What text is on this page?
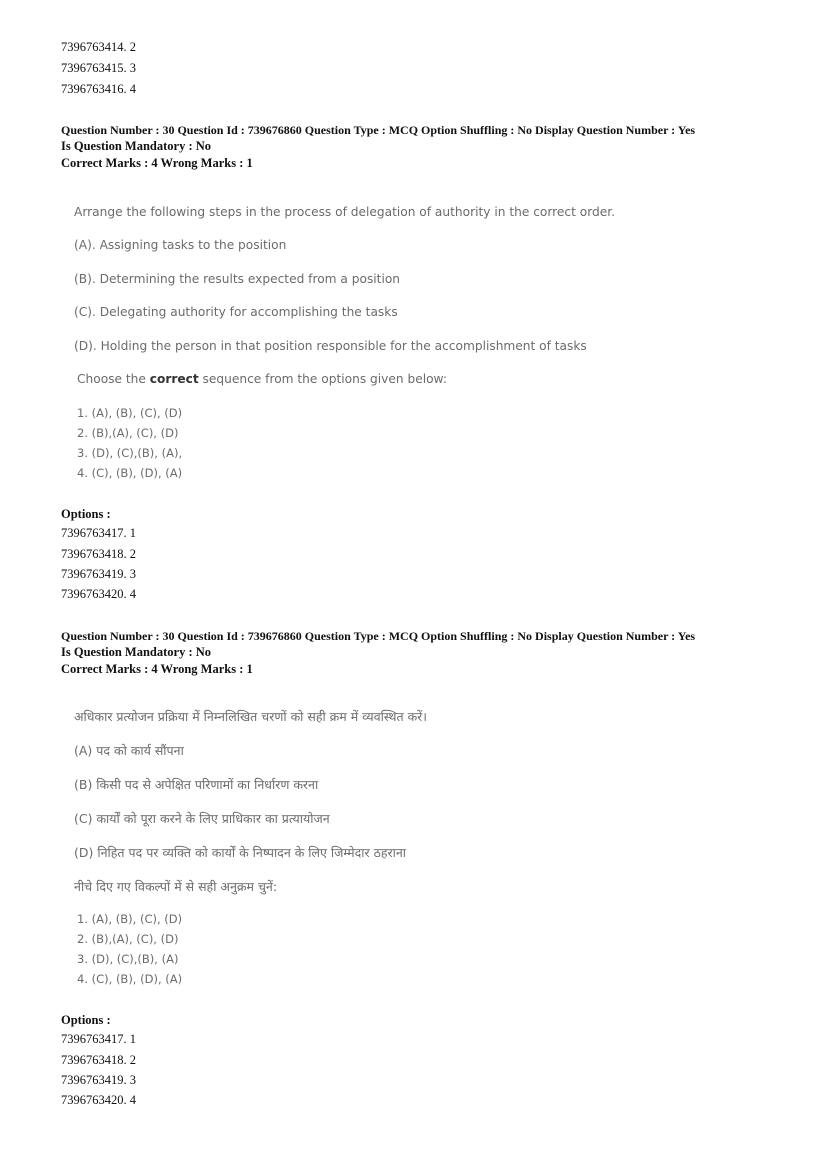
7396763414. 2
7396763415. 3
7396763416. 4
Question Number : 30 Question Id : 739676860 Question Type : MCQ Option Shuffling : No Display Question Number : Yes
Is Question Mandatory : No
Correct Marks : 4 Wrong Marks : 1
Arrange the following steps in the process of delegation of authority in the correct order.
(A). Assigning tasks to the position
(B). Determining the results expected from a position
(C). Delegating authority for accomplishing the tasks
(D). Holding the person in that position responsible for the accomplishment of tasks
Choose the correct sequence from the options given below:
1. (A), (B), (C), (D)
2. (B),(A), (C), (D)
3. (D), (C),(B), (A),
4. (C), (B), (D), (A)
Options :
7396763417. 1
7396763418. 2
7396763419. 3
7396763420. 4
Question Number : 30 Question Id : 739676860 Question Type : MCQ Option Shuffling : No Display Question Number : Yes
Is Question Mandatory : No
Correct Marks : 4 Wrong Marks : 1
अधिकार प्रत्योजन प्रक्रिया में निम्नलिखित चरणों को सही क्रम में व्यवस्थित करें।
(A) पद को कार्य सौंपना
(B) किसी पद से अपेक्षित परिणामों का निर्धारण करना
(C) कार्यों को पूरा करने के लिए प्राधिकार का प्रत्यायोजन
(D) निहित पद पर व्यक्ति को कार्यों के निष्पादन के लिए जिम्मेदार ठहराना
नीचे दिए गए विकल्पों में से सही अनुक्रम चुनें:
1. (A), (B), (C), (D)
2. (B),(A), (C), (D)
3. (D), (C),(B), (A)
4. (C), (B), (D), (A)
Options :
7396763417. 1
7396763418. 2
7396763419. 3
7396763420. 4
